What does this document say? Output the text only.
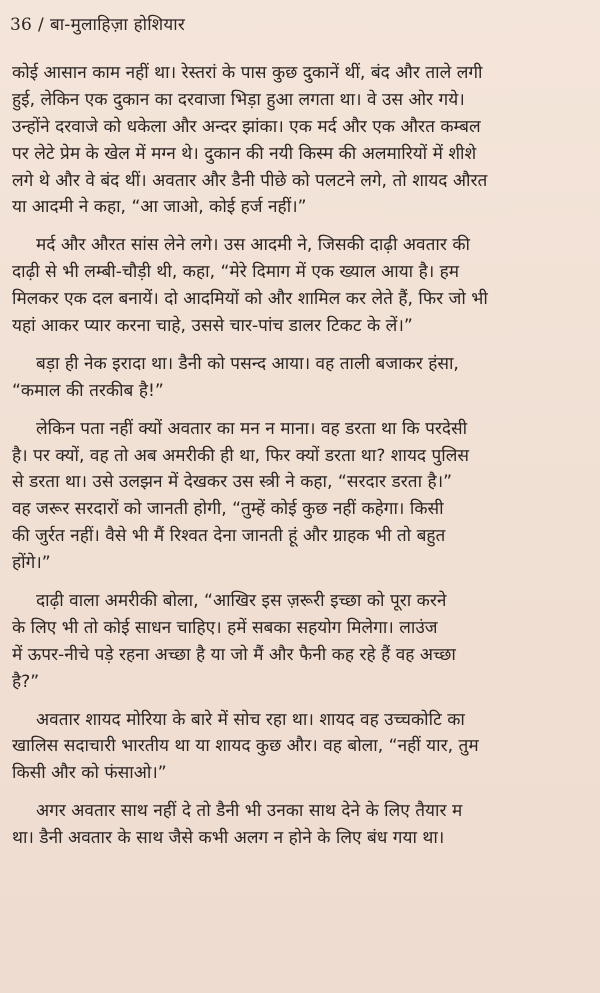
36 / बा-मुलाहिज़ा होशियार
कोई आसान काम नहीं था। रेस्तरां के पास कुछ दुकानें थीं, बंद और ताले लगी
हुई, लेकिन एक दुकान का दरवाजा भिड़ा हुआ लगता था। वे उस ओर गये।
उन्होंने दरवाजे को धकेला और अन्दर झांका। एक मर्द और एक औरत कम्बल
पर लेटे प्रेम के खेल में मग्न थे। दुकान की नयी किस्म की अलमारियों में शीशे
लगे थे और वे बंद थीं। अवतार और डैनी पीछे को पलटने लगे, तो शायद औरत
या आदमी ने कहा, “आ जाओ, कोई हर्ज नहीं।”
मर्द और औरत सांस लेने लगे। उस आदमी ने, जिसकी दाढ़ी अवतार की
दाढ़ी से भी लम्बी-चौड़ी थी, कहा, “मेरे दिमाग में एक ख्याल आया है। हम
मिलकर एक दल बनायें। दो आदमियों को और शामिल कर लेते हैं, फिर जो भी
यहां आकर प्यार करना चाहे, उससे चार-पांच डालर टिकट के लें।”
बड़ा ही नेक इरादा था। डैनी को पसन्द आया। वह ताली बजाकर हंसा,
“कमाल की तरकीब है!”
लेकिन पता नहीं क्यों अवतार का मन न माना। वह डरता था कि परदेसी
है। पर क्यों, वह तो अब अमरीकी ही था, फिर क्यों डरता था? शायद पुलिस
से डरता था। उसे उलझन में देखकर उस स्त्री ने कहा, “सरदार डरता है।”
वह जरूर सरदारों को जानती होगी, “तुम्हें कोई कुछ नहीं कहेगा। किसी
की जुर्रत नहीं। वैसे भी मैं रिश्वत देना जानती हूं और ग्राहक भी तो बहुत
होंगे।”
दाढ़ी वाला अमरीकी बोला, “आखिर इस ज़रूरी इच्छा को पूरा करने
के लिए भी तो कोई साधन चाहिए। हमें सबका सहयोग मिलेगा। लाउंज
में ऊपर-नीचे पड़े रहना अच्छा है या जो मैं और फैनी कह रहे हैं वह अच्छा
है?”
अवतार शायद मोरिया के बारे में सोच रहा था। शायद वह उच्चकोटि का
खालिस सदाचारी भारतीय था या शायद कुछ और। वह बोला, “नहीं यार, तुम
किसी और को फंसाओ।”
अगर अवतार साथ नहीं दे तो डैनी भी उनका साथ देने के लिए तैयार म
था। डैनी अवतार के साथ जैसे कभी अलग न होने के लिए बंध गया था।
